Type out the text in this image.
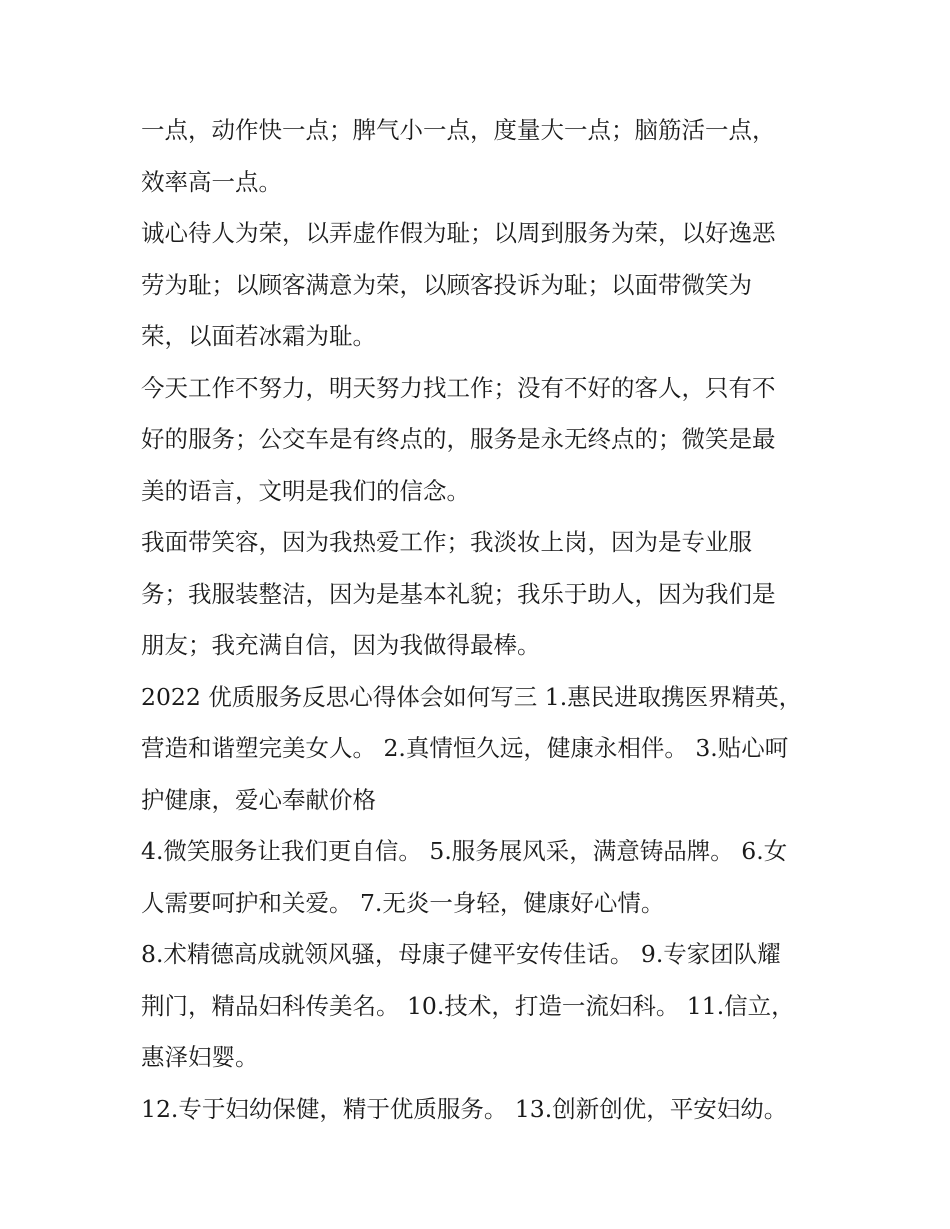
一点，动作快一点；脾气小一点，度量大一点；脑筋活一点，
效率高一点。

诚心待人为荣，以弄虚作假为耻；以周到服务为荣，以好逸恶
劳为耻；以顾客满意为荣，以顾客投诉为耻；以面带微笑为
荣，以面若冰霜为耻。

今天工作不努力，明天努力找工作；没有不好的客人，只有不
好的服务；公交车是有终点的，服务是永无终点的；微笑是最
美的语言，文明是我们的信念。

我面带笑容，因为我热爱工作；我淡妆上岗，因为是专业服
务；我服装整洁，因为是基本礼貌；我乐于助人，因为我们是
朋友；我充满自信，因为我做得最棒。

2022 优质服务反思心得体会如何写三 1.惠民进取携医界精英，
营造和谐塑完美女人。 2.真情恒久远，健康永相伴。 3.贴心呵
护健康，爱心奉献价格

4.微笑服务让我们更自信。 5.服务展风采，满意铸品牌。 6.女
人需要呵护和关爱。 7.无炎一身轻，健康好心情。

8.术精德高成就领风骚，母康子健平安传佳话。 9.专家团队耀
荆门，精品妇科传美名。 10.技术，打造一流妇科。 11.信立，
惠泽妇婴。

12.专于妇幼保健，精于优质服务。 13.创新创优，平安妇幼。
